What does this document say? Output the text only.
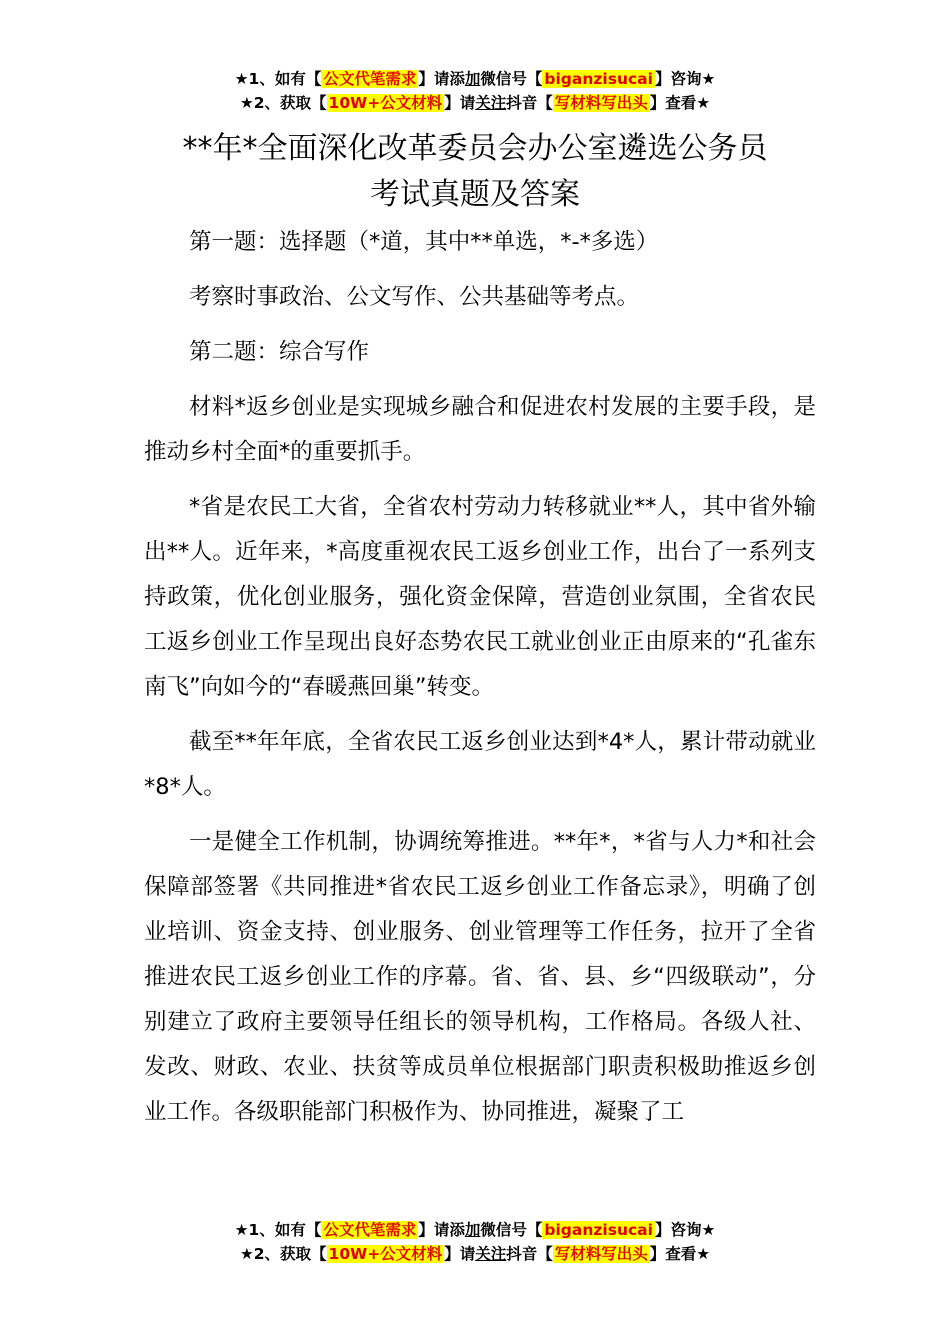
★1、如有【 公文代笔需求 】请添加微信号【 biganzisucai 】咨询★
★2、获取【 10W+公文材料 】请关注抖音【 写材料写出头 】查看★
**年*全面深化改革委员会办公室遴选公务员
考试真题及答案

第一题：选择题（*道，其中**单选，*-*多选）

考察时事政治、公文写作、公共基础等考点。

第二题：综合写作

材料*返乡创业是实现城乡融合和促进农村发展的主要手段，是推动乡村全面*的重要抓手。

*省是农民工大省，全省农村劳动力转移就业**人，其中省外输出**人。近年来，*高度重视农民工返乡创业工作，出台了一系列支持政策，优化创业服务，强化资金保障，营造创业氛围，全省农民工返乡创业工作呈现出良好态势农民工就业创业正由原来的“孔雀东南飞”向如今的“春暖燕回巢”转变。

截至**年年底，全省农民工返乡创业达到*4*人，累计带动就业*8*人。

一是健全工作机制，协调统筹推进。**年*，*省与人力*和社会保障部签署《共同推进*省农民工返乡创业工作备忘录》，明确了创业培训、资金支持、创业服务、创业管理等工作任务，拉开了全省推进农民工返乡创业工作的序幕。省、省、县、乡“四级联动”，分别建立了政府主要领导任组长的领导机构，工作格局。各级人社、发改、财政、农业、扶贫等成员单位根据部门职责积极助推返乡创业工作。各级职能部门积极作为、协同推进，凝聚了工

★1、如有【 公文代笔需求 】请添加微信号【 biganzisucai 】咨询★
★2、获取【 10W+公文材料 】请关注抖音【 写材料写出头 】查看★
